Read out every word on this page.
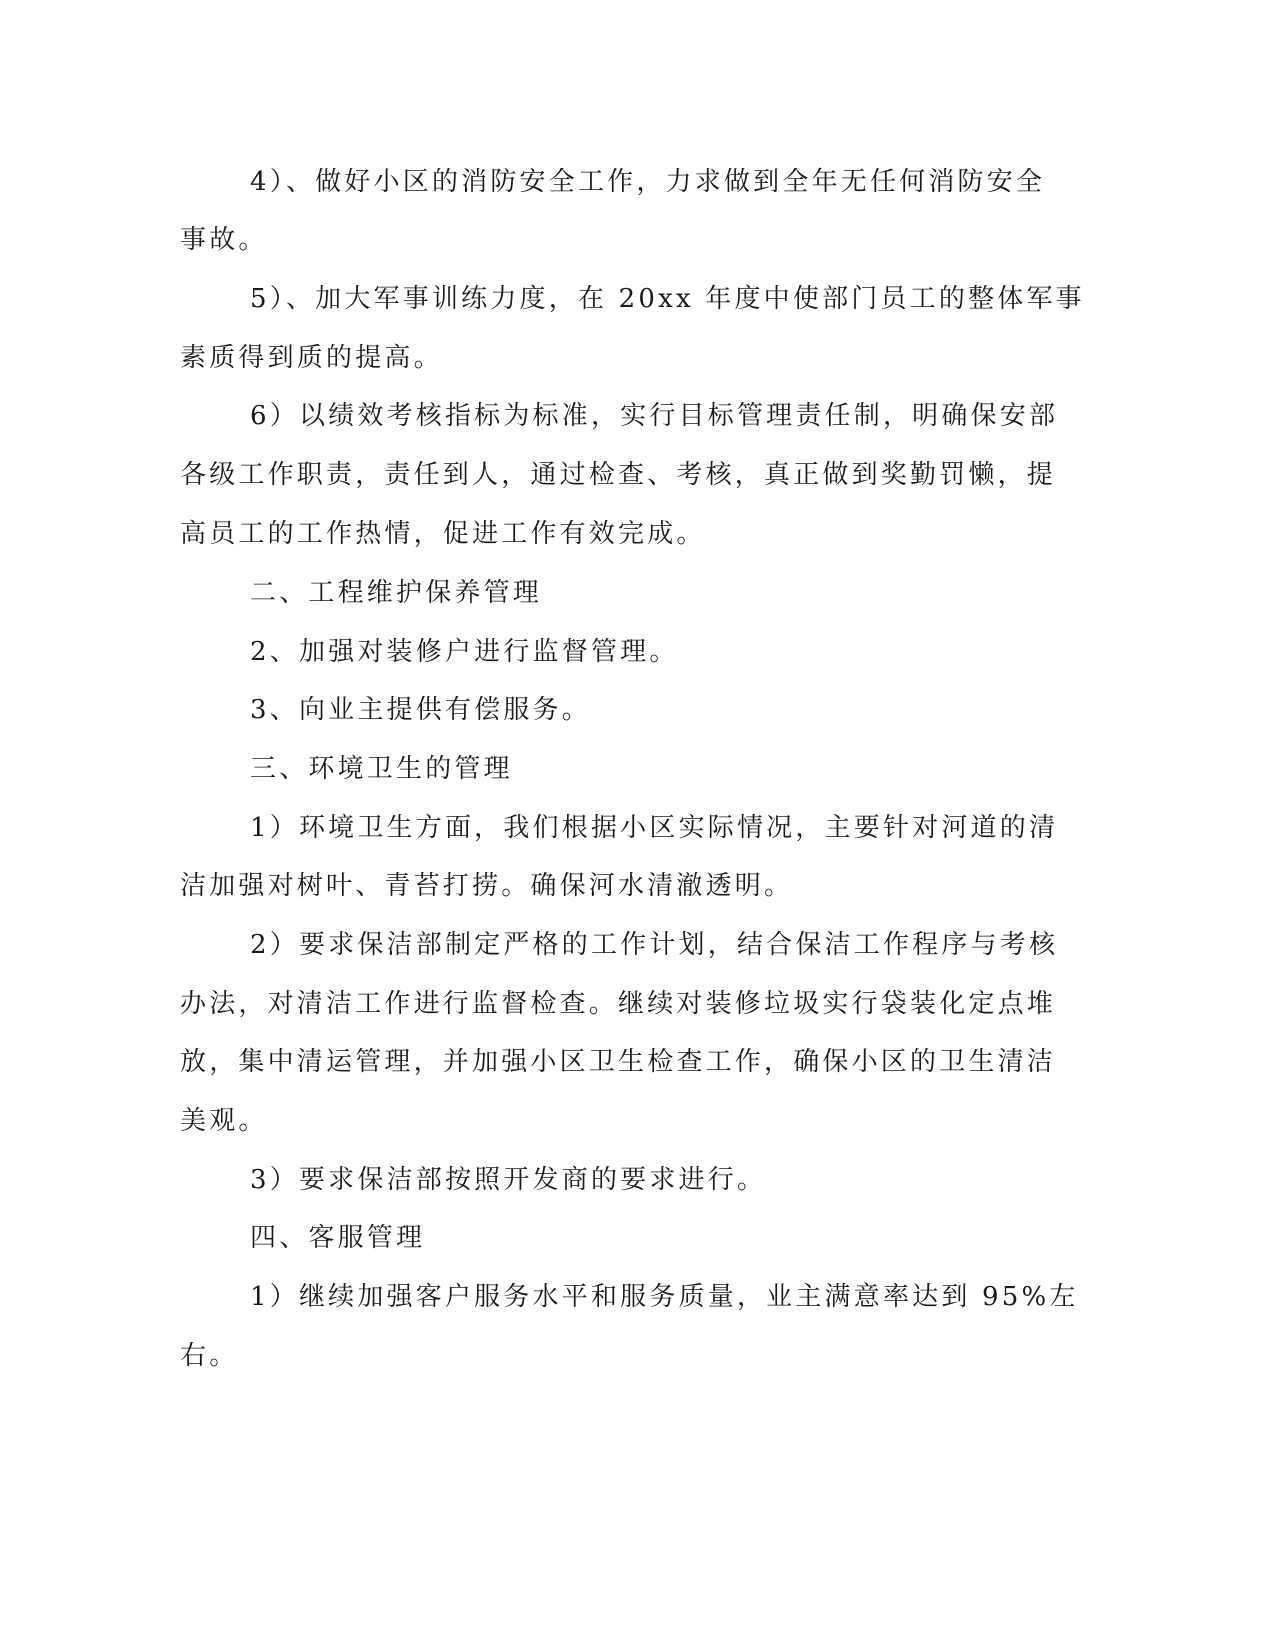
4）、做好小区的消防安全工作，力求做到全年无任何消防安全
事故。
5）、加大军事训练力度，在 20xx 年度中使部门员工的整体军事
素质得到质的提高。
6）以绩效考核指标为标准，实行目标管理责任制，明确保安部
各级工作职责，责任到人，通过检查、考核，真正做到奖勤罚懒，提
高员工的工作热情，促进工作有效完成。
二、工程维护保养管理
2、加强对装修户进行监督管理。
3、向业主提供有偿服务。
三、环境卫生的管理
1）环境卫生方面，我们根据小区实际情况，主要针对河道的清
洁加强对树叶、青苔打捞。确保河水清澈透明。
2）要求保洁部制定严格的工作计划，结合保洁工作程序与考核
办法，对清洁工作进行监督检查。继续对装修垃圾实行袋装化定点堆
放，集中清运管理，并加强小区卫生检查工作，确保小区的卫生清洁
美观。
3）要求保洁部按照开发商的要求进行。
四、客服管理
1）继续加强客户服务水平和服务质量，业主满意率达到 95%左
右。
